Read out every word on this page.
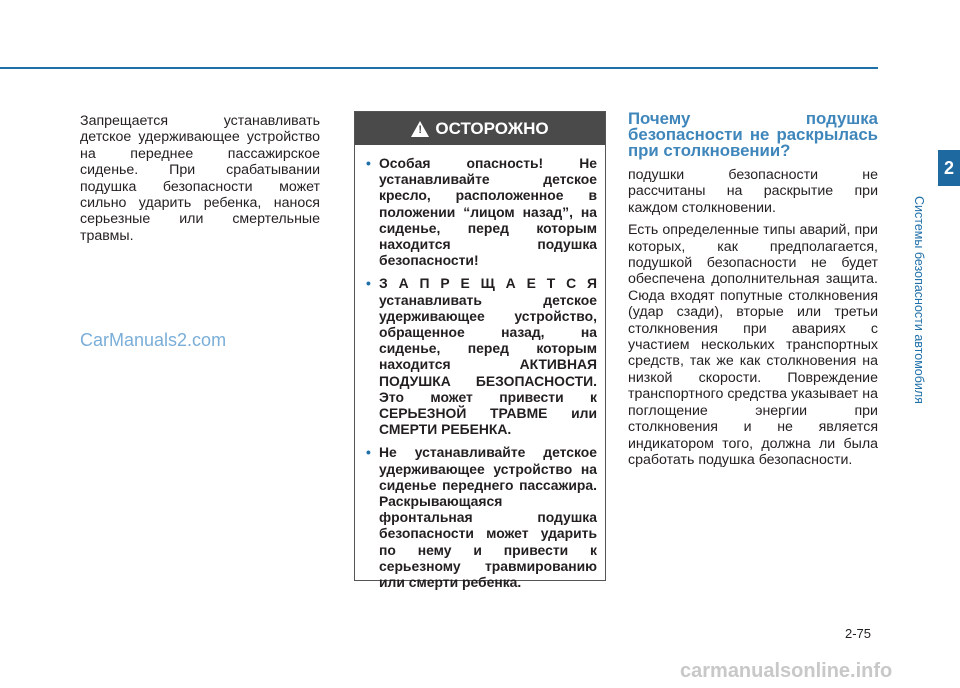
Запрещается устанавливать детское удерживающее устройство на переднее пассажирское сиденье. При срабатывании подушка безопасности может сильно ударить ребенка, нанося серьезные или смертельные травмы.
! ОСТОРОЖНО
• Особая опасность! Не устанавливайте детское кресло, расположенное в положении “лицом назад”, на сиденье, перед которым находится подушка безопасности!
• З А П Р Е Щ А Е Т С Я устанавливать детское удерживающее устройство, обращенное назад, на сиденье, перед которым находится АКТИВНАЯ ПОДУШКА БЕЗОПАСНОСТИ. Это может привести к СЕРЬЕЗНОЙ ТРАВМЕ или СМЕРТИ РЕБЕНКА.
• Не устанавливайте детское удерживающее устройство на сиденье переднего пассажира. Раскрывающаяся фронтальная подушка безопасности может ударить по нему и привести к серьезному травмированию или смерти ребенка.
CarManuals2.com
Почему подушка безопасности не раскрылась при столкновении?

подушки безопасности не рассчитаны на раскрытие при каждом столкновении.

Есть определенные типы аварий, при которых, как предполагается, подушкой безопасности не будет обеспечена дополнительная защита. Сюда входят попутные столкновения (удар сзади), вторые или третьи столкновения при авариях с участием нескольких транспортных средств, так же как столкновения на низкой скорости. Повреждение транспортного средства указывает на поглощение энергии при столкновения и не является индикатором того, должна ли была сработать подушка безопасности.

2
Системы безопасности автомобиля
2-75
carmanualsonline.info
